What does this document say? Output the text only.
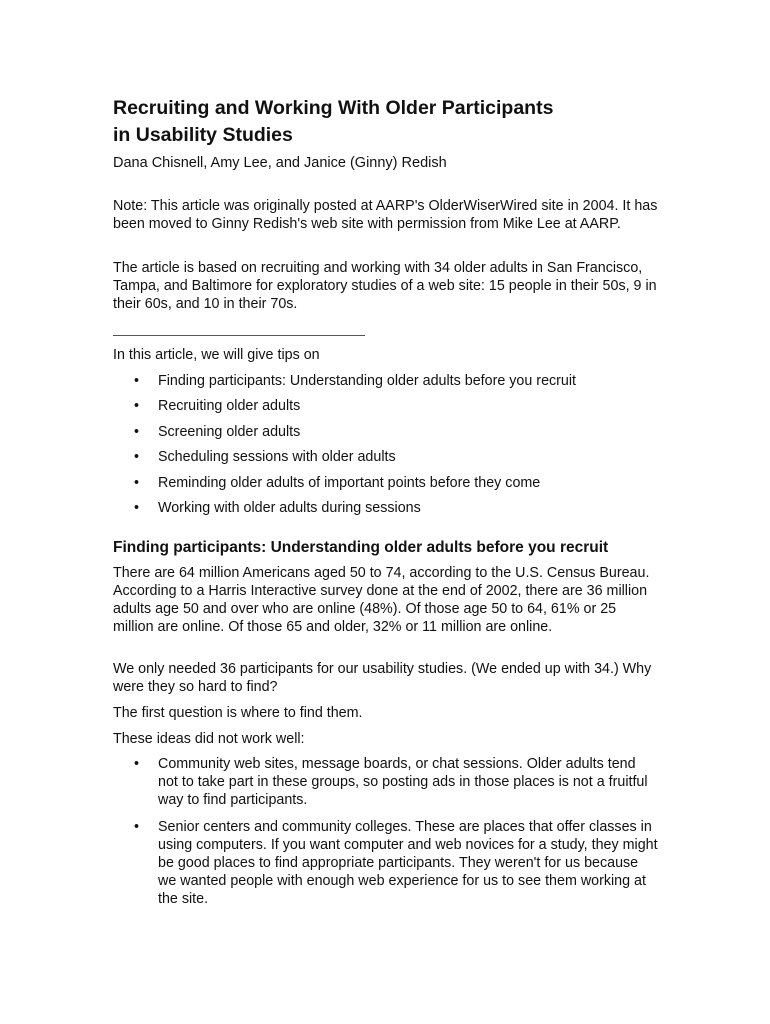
Recruiting and Working With Older Participants
in Usability Studies

Dana Chisnell, Amy Lee, and Janice (Ginny) Redish

Note: This article was originally posted at AARP's OlderWiserWired site in 2004. It has been moved to Ginny Redish's web site with permission from Mike Lee at AARP.

The article is based on recruiting and working with 34 older adults in San Francisco, Tampa, and Baltimore for exploratory studies of a web site: 15 people in their 50s, 9 in their 60s, and 10 in their 70s.

In this article, we will give tips on

• Finding participants: Understanding older adults before you recruit
• Recruiting older adults
• Screening older adults
• Scheduling sessions with older adults
• Reminding older adults of important points before they come
• Working with older adults during sessions
Finding participants: Understanding older adults before you recruit

There are 64 million Americans aged 50 to 74, according to the U.S. Census Bureau. According to a Harris Interactive survey done at the end of 2002, there are 36 million adults age 50 and over who are online (48%). Of those age 50 to 64, 61% or 25 million are online. Of those 65 and older, 32% or 11 million are online.

We only needed 36 participants for our usability studies. (We ended up with 34.) Why were they so hard to find?

The first question is where to find them.

These ideas did not work well:

• Community web sites, message boards, or chat sessions. Older adults tend not to take part in these groups, so posting ads in those places is not a fruitful way to find participants.
• Senior centers and community colleges. These are places that offer classes in using computers. If you want computer and web novices for a study, they might be good places to find appropriate participants. They weren't for us because we wanted people with enough web experience for us to see them working at the site.
